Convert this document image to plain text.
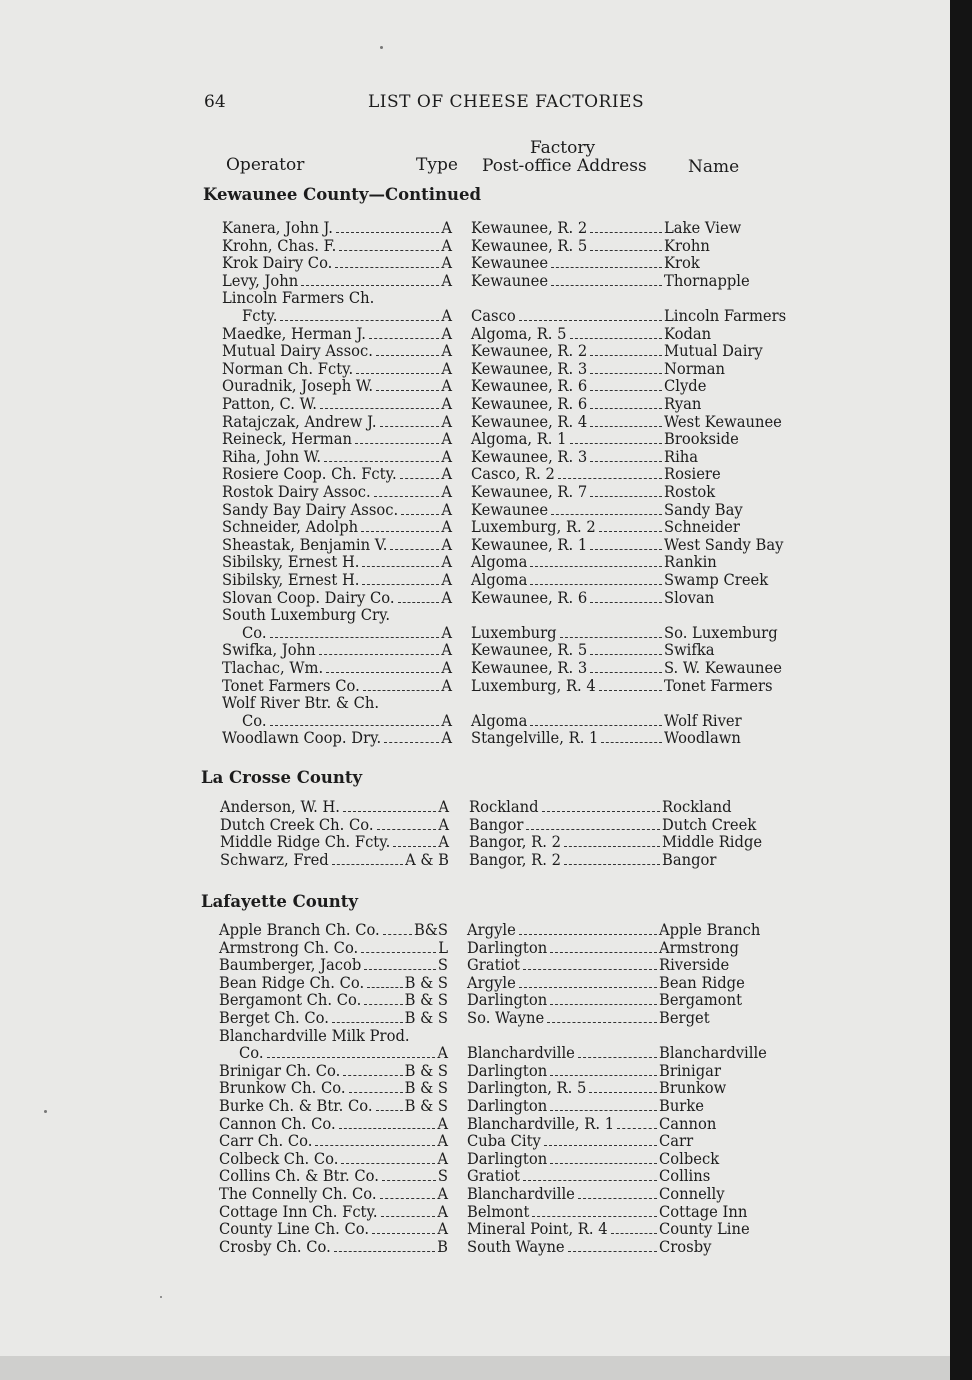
64	LIST OF CHEESE FACTORIES
Factory
Operator	Type Post-office Address Name
Kewaunee County—Continued
Kanera, John J.	A Kewaunee, R. 2	Lake View
Krohn, Chas. F.	A Kewaunee, R. 5	Krohn
Krok Dairy Co.	A Kewaunee	Krok
Levy, John	A Kewaunee	Thornapple
Lincoln Farmers Ch.
Fcty.	A Casco	Lincoln Farmers
Maedke, Herman J.	A Algoma, R. 5	Kodan
Mutual Dairy Assoc.	A Kewaunee, R. 2	Mutual Dairy
Norman Ch. Fcty.	A Kewaunee, R. 3	Norman
Ouradnik, Joseph W.	A Kewaunee, R. 6	Clyde
Patton, C. W.	A Kewaunee, R. 6	Ryan
Ratajczak, Andrew J.	A Kewaunee, R. 4	West Kewaunee
Reineck, Herman	A Algoma, R. 1	Brookside
Riha, John W.	A Kewaunee, R. 3	Riha
Rosiere Coop. Ch. Fcty.	A Casco, R. 2	Rosiere
Rostok Dairy Assoc.	A Kewaunee, R. 7	Rostok
Sandy Bay Dairy Assoc.	A Kewaunee	Sandy Bay
Schneider, Adolph	A Luxemburg, R. 2	Schneider
Sheastak, Benjamin V.	A Kewaunee, R. 1	West Sandy Bay
Sibilsky, Ernest H.	A Algoma	Rankin
Sibilsky, Ernest H.	A Algoma	Swamp Creek
Slovan Coop. Dairy Co.	A Kewaunee, R. 6	Slovan
South Luxemburg Cry.
Co.	A Luxemburg	So. Luxemburg
Swifka, John	A Kewaunee, R. 5	Swifka
Tlachac, Wm.	A Kewaunee, R. 3	S. W. Kewaunee
Tonet Farmers Co.	A Luxemburg, R. 4	Tonet Farmers
Wolf River Btr. & Ch.
Co.	A Algoma	Wolf River
Woodlawn Coop. Dry.	A Stangelville, R. 1	Woodlawn
La Crosse County
Anderson, W. H.	A Rockland	Rockland
Dutch Creek Ch. Co.	A Bangor	Dutch Creek
Middle Ridge Ch. Fcty.	A Bangor, R. 2	Middle Ridge
Schwarz, Fred	A & B Bangor, R. 2	Bangor
Lafayette County
Apple Branch Ch. Co.	B&S Argyle	Apple Branch
Armstrong Ch. Co.	L Darlington	Armstrong
Baumberger, Jacob	S Gratiot	Riverside
Bean Ridge Ch. Co.	B & S Argyle	Bean Ridge
Bergamont Ch. Co.	B & S Darlington	Bergamont
Berget Ch. Co.	B & S So. Wayne	Berget
Blanchardville Milk Prod.
Co.	A Blanchardville	Blanchardville
Brinigar Ch. Co.	B & S Darlington	Brinigar
Brunkow Ch. Co.	B & S Darlington, R. 5	Brunkow
Burke Ch. & Btr. Co.	B & S Darlington	Burke
Cannon Ch. Co.	A Blanchardville, R. 1	Cannon
Carr Ch. Co.	A Cuba City	Carr
Colbeck Ch. Co.	A Darlington	Colbeck
Collins Ch. & Btr. Co.	S Gratiot	Collins
The Connelly Ch. Co.	A Blanchardville	Connelly
Cottage Inn Ch. Fcty.	A Belmont	Cottage Inn
County Line Ch. Co.	A Mineral Point, R. 4	County Line
Crosby Ch. Co.	B South Wayne	Crosby
